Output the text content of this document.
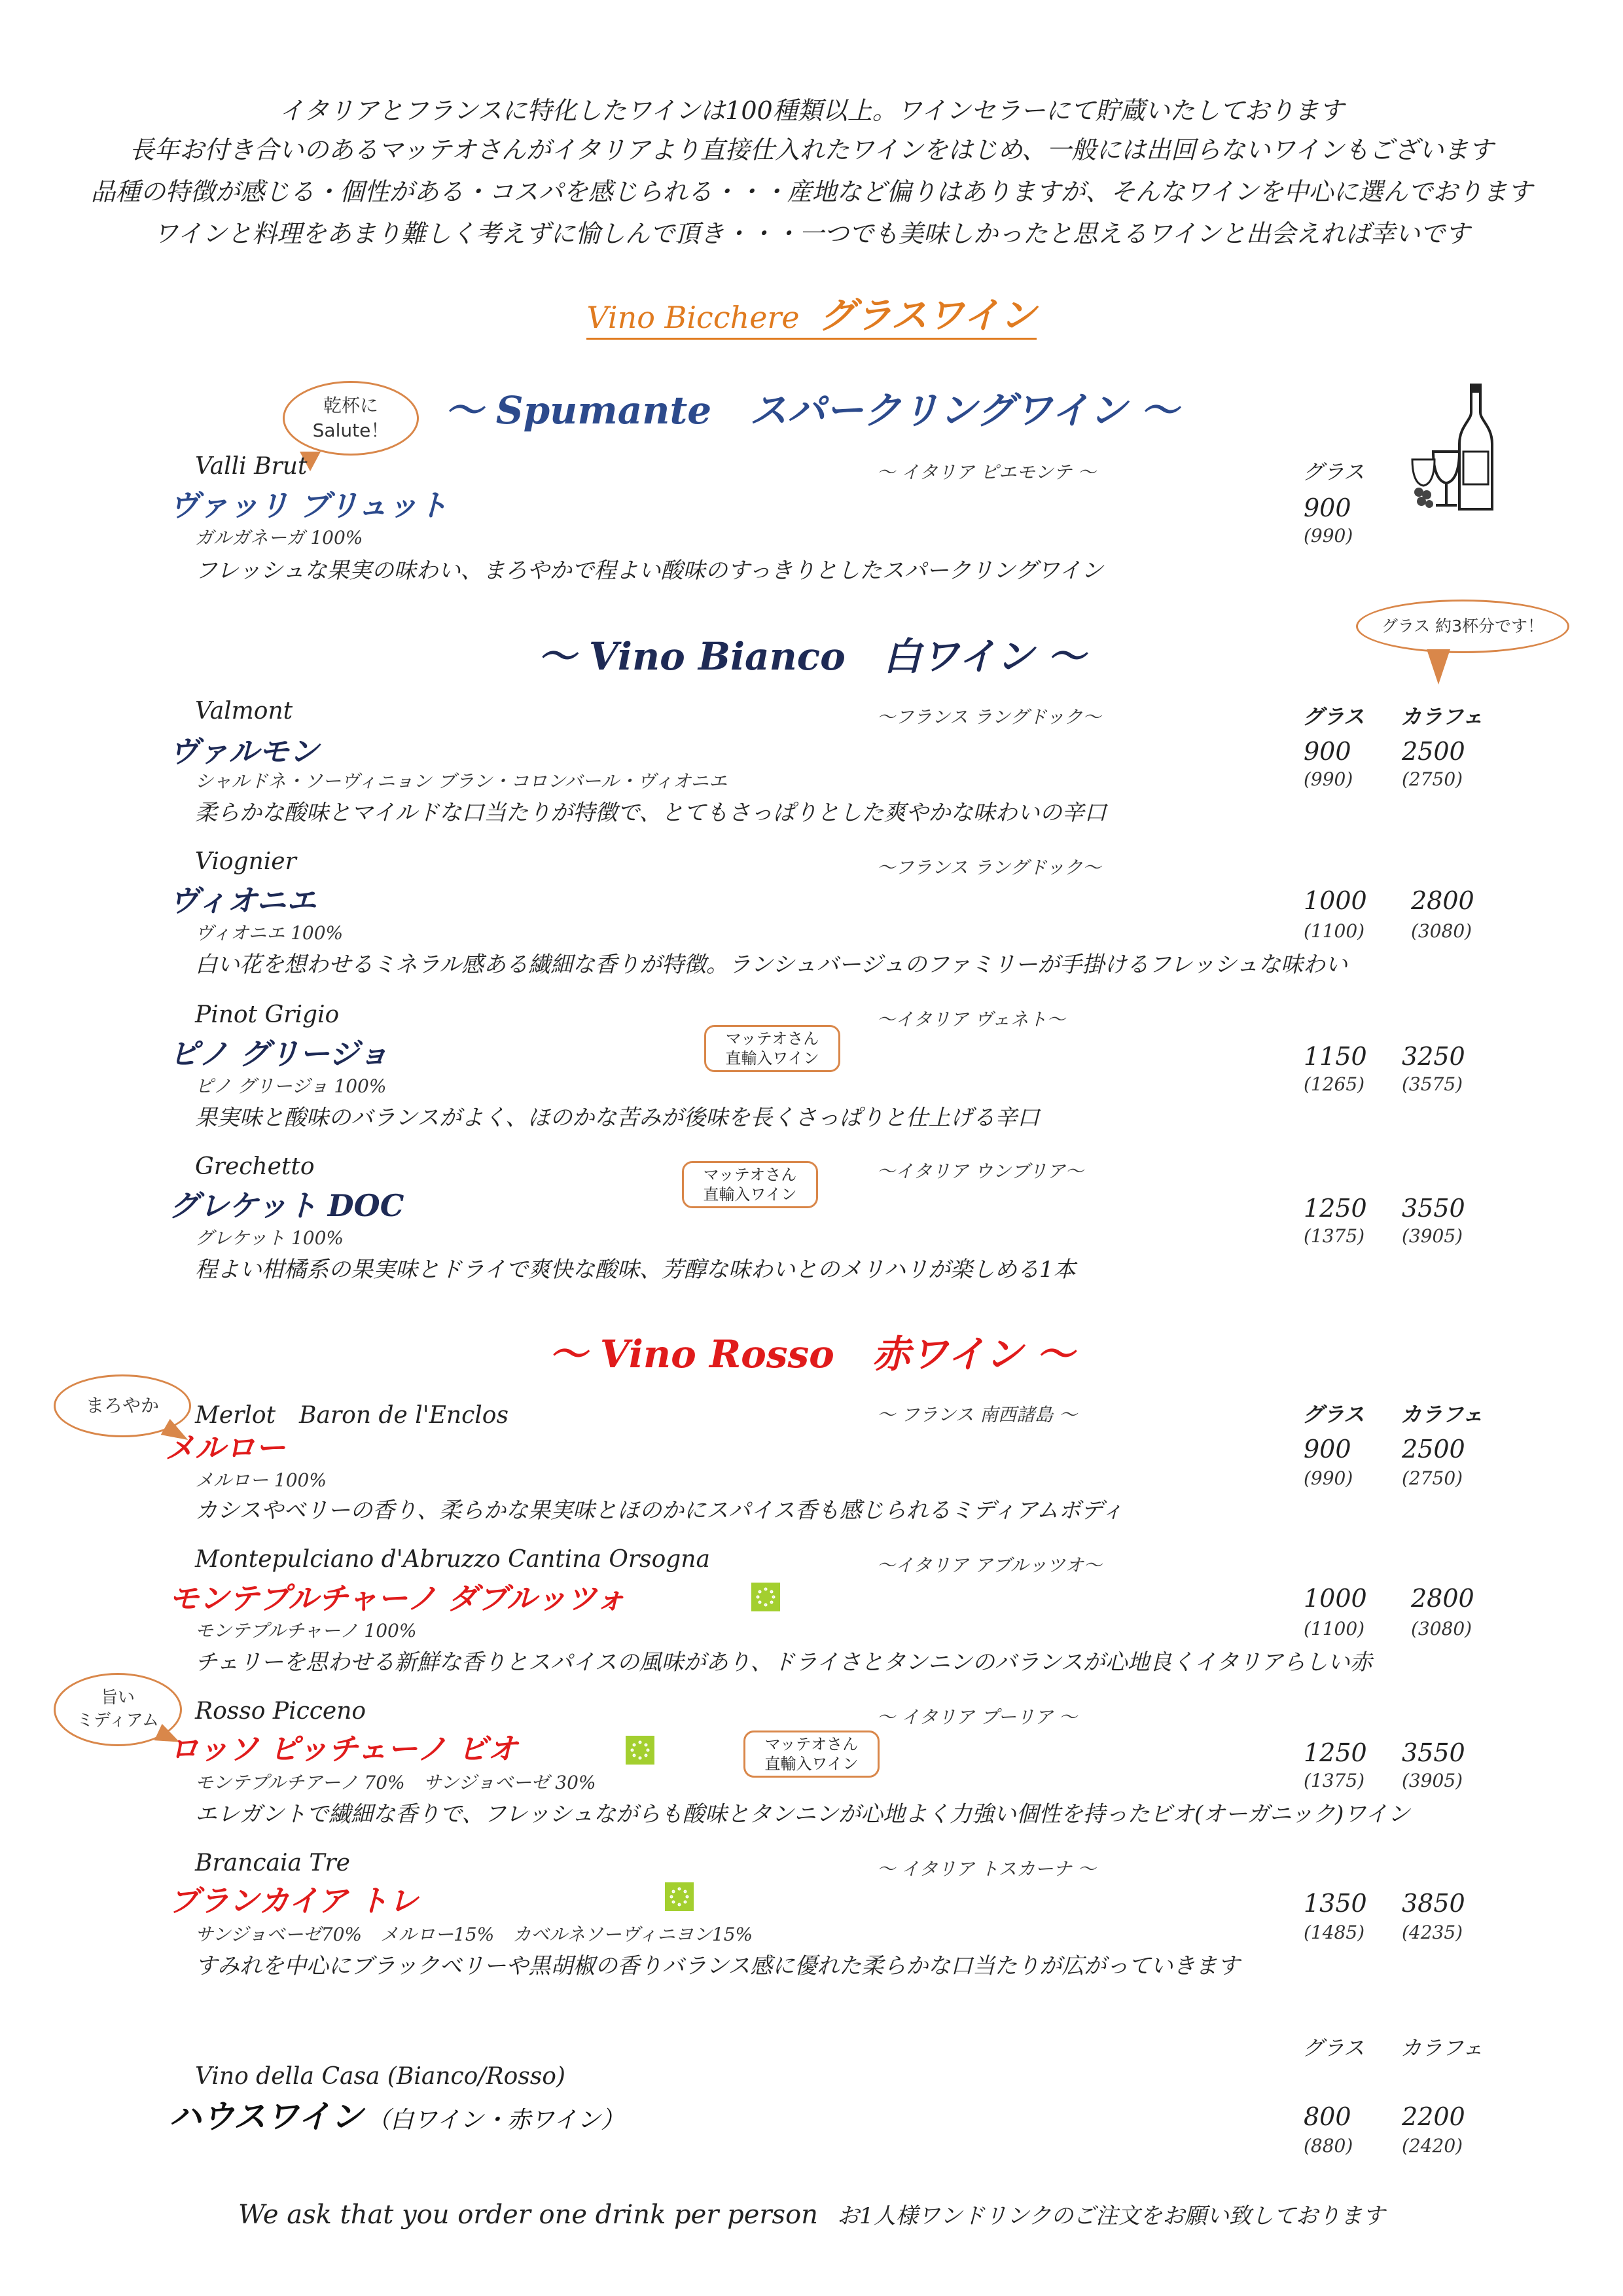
イタリアとフランスに特化したワインは100種類以上。ワインセラーにて貯蔵いたしております
長年お付き合いのあるマッテオさんがイタリアより直接仕入れたワインをはじめ、一般には出回らないワインもございます
品種の特徴が感じる・個性がある・コスパを感じられる・・・産地など偏りはありますが、そんなワインを中心に選んでおります
ワインと料理をあまり難しく考えずに愉しんで頂き・・・一つでも美味しかったと思えるワインと出会えれば幸いです
Vino Bicchere グラスワイン
～ Spumante　スパークリングワイン ～
乾杯に
Salute！
Valli Brut	～ イタリア ピエモンテ ～	グラス
ヴァッリ ブリュット	900
ガルガネーガ 100%	(990)
フレッシュな果実の味わい、まろやかで程よい酸味のすっきりとしたスパークリングワイン
～ Vino Bianco　白ワイン ～
グラス 約3杯分です！
Valmont	～フランス ラングドック～	グラス カラフェ
ヴァルモン	900 2500
シャルドネ・ソーヴィニョン ブラン・コロンバール・ヴィオニエ	(990)	(2750)
柔らかな酸味とマイルドな口当たりが特徴で、とてもさっぱりとした爽やかな味わいの辛口
Viognier	～フランス ラングドック～
ヴィオニエ	1000 2800
ヴィオニエ 100%	(1100)	(3080)
白い花を想わせるミネラル感ある繊細な香りが特徴。ランシュバージュのファミリーが手掛けるフレッシュな味わい
Pinot Grigio	～イタリア ヴェネト～
ピノ グリージョ	マッテオさん
直輸入ワイン	1150 3250
ピノ グリージョ 100%	(1265) (3575)
果実味と酸味のバランスがよく、ほのかな苦みが後味を長くさっぱりと仕上げる辛口
Grechetto	～イタリア ウンブリア～
グレケット DOC
マッテオさん
直輸入ワイン	1250 3550
グレケット 100%	(1375) (3905)
程よい柑橘系の果実味とドライで爽快な酸味、芳醇な味わいとのメリハリが楽しめる1本
～ Vino Rosso　赤ワイン ～
まろやか Merlot　Baron de l'Enclos	～ フランス 南西諸島 ～	グラス カラフェ
メルロー	900 2500
メルロー 100%	(990)	(2750)
カシスやベリーの香り、柔らかな果実味とほのかにスパイス香も感じられるミディアムボディ
Montepulciano d'Abruzzo Cantina Orsogna	～イタリア アブルッツオ～
モンテプルチャーノ ダブルッツォ	1000 2800
モンテプルチャーノ 100%	(1100)	(3080)
チェリーを思わせる新鮮な香りとスパイスの風味があり、ドライさとタンニンのバランスが心地良くイタリアらしい赤
旨い
ミディアム Rosso Picceno	～ イタリア プーリア ～
ロッソ ピッチェーノ ビオ	マッテオさん
直輸入ワイン	1250 3550
モンテプルチアーノ 70%　サンジョベーゼ 30%	(1375) (3905)
エレガントで繊細な香りで、フレッシュながらも酸味とタンニンが心地よく力強い個性を持ったビオ(オーガニック)ワイン
Brancaia Tre	～ イタリア トスカーナ ～
ブランカイア トレ	1350 3850
サンジョベーゼ70%　メルロー15%　カベルネソーヴィニヨン15%	(1485) (4235)
すみれを中心にブラックベリーや黒胡椒の香りバランス感に優れた柔らかな口当たりが広がっていきます
グラス カラフェ
Vino della Casa (Bianco/Rosso)
ハウスワイン （白ワイン・赤ワイン）	800 2200
(880)	(2420)
We ask that you order one drink per person お1人様ワンドリンクのご注文をお願い致しております
